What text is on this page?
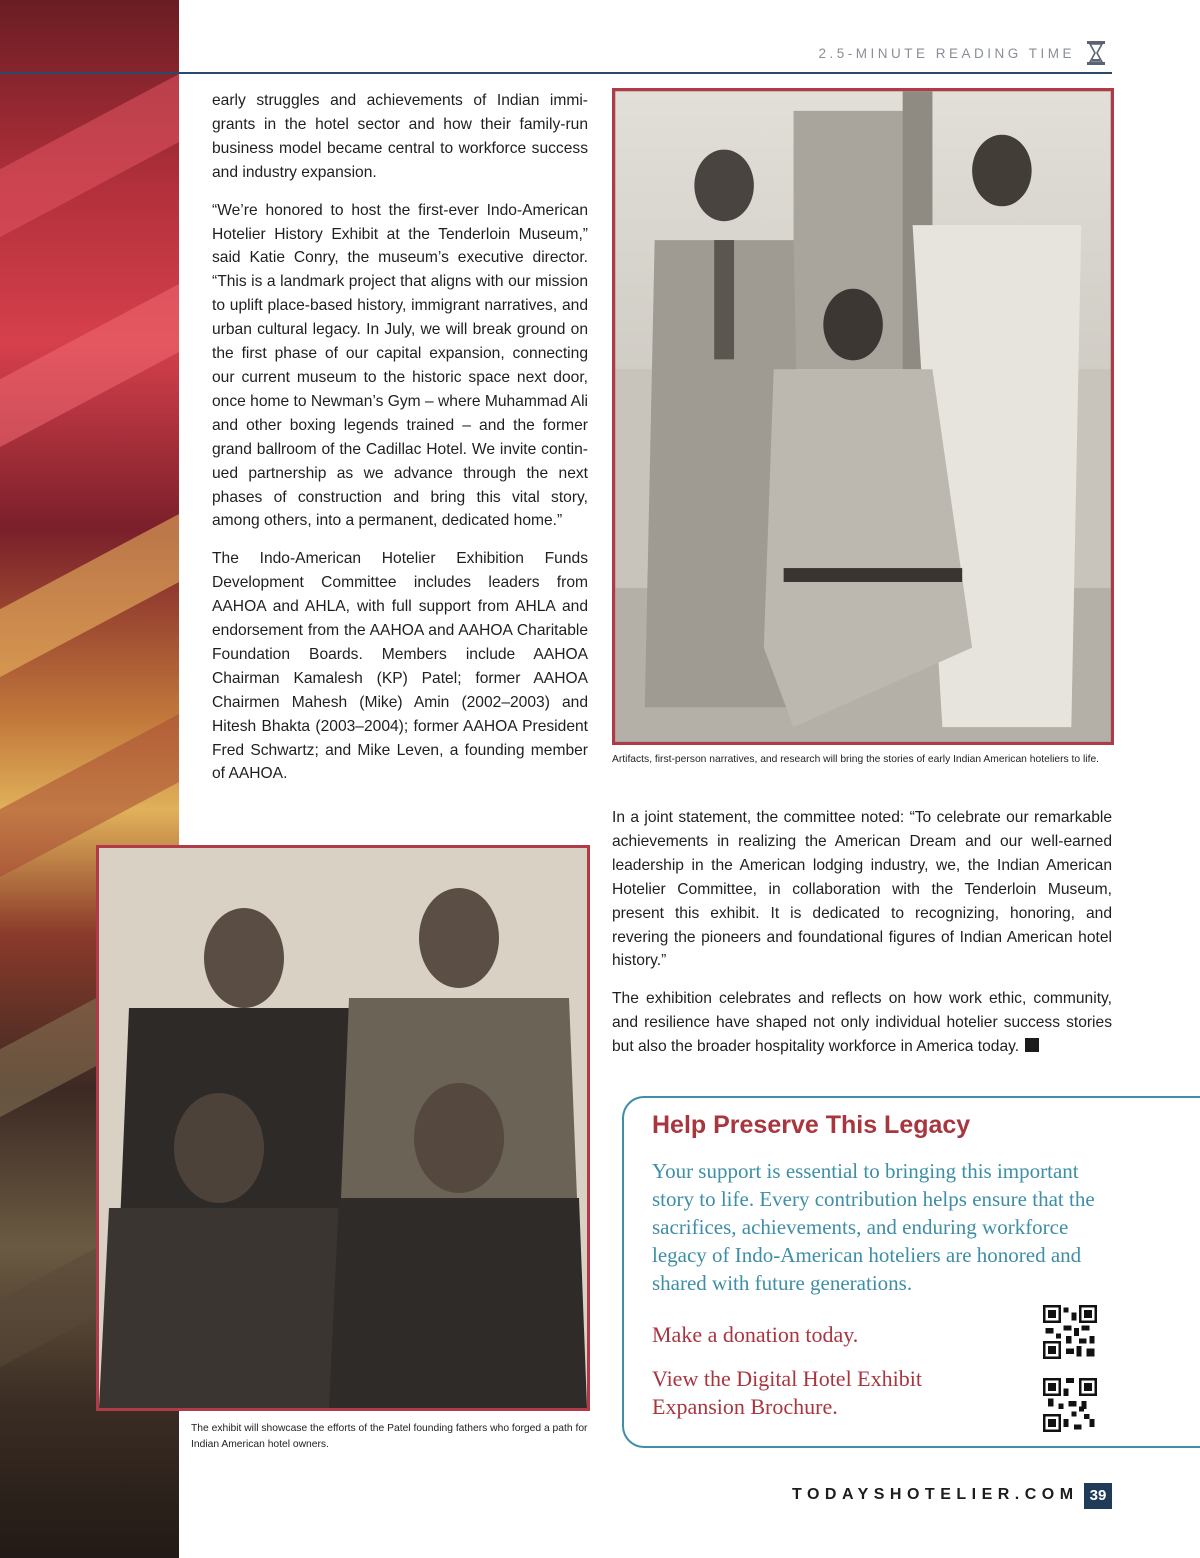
2.5-MINUTE READING TIME

early struggles and achievements of Indian immigrants in the hotel sector and how their family-run business model became central to workforce success and industry expansion.

“We’re honored to host the first-ever Indo-American Hotelier History Exhibit at the Tenderloin Museum,” said Katie Conry, the museum’s executive director. “This is a landmark project that aligns with our mission to uplift place-based history, immigrant narratives, and urban cultural legacy. In July, we will break ground on the first phase of our capital expansion, connecting our current museum to the historic space next door, once home to Newman’s Gym – where Muhammad Ali and other boxing legends trained – and the former grand ballroom of the Cadillac Hotel. We invite continued partnership as we advance through the next phases of construction and bring this vital story, among others, into a permanent, dedicated home.”

The Indo-American Hotelier Exhibition Funds Development Committee includes leaders from AAHOA and AHLA, with full support from AHLA and endorsement from the AAHOA and AAHOA Charitable Foundation Boards. Members include AAHOA Chairman Kamalesh (KP) Patel; former AAHOA Chairmen Mahesh (Mike) Amin (2002–2003) and Hitesh Bhakta (2003–2004); former AAHOA President Fred Schwartz; and Mike Leven, a founding member of AAHOA.

Artifacts, first-person narratives, and research will bring the stories of early Indian American hoteliers to life.

In a joint statement, the committee noted: “To celebrate our remarkable achievements in realizing the American Dream and our well-earned leadership in the American lodging industry, we, the Indian American Hotelier Committee, in collaboration with the Tenderloin Museum, present this exhibit. It is dedicated to recognizing, honoring, and revering the pioneers and foundational figures of Indian American hotel history.”

The exhibition celebrates and reflects on how work ethic, community, and resilience have shaped not only individual hotelier success stories but also the broader hospitality workforce in America today.

The exhibit will showcase the efforts of the Patel founding fathers who forged a path for Indian American hotel owners.
Help Preserve This Legacy
Your support is essential to bringing this important story to life. Every contribution helps ensure that the sacrifices, achievements, and enduring workforce legacy of Indo-American hoteliers are honored and shared with future generations.
Make a donation today.
View the Digital Hotel Exhibit Expansion Brochure.
TODAYSHOTELIER.COM 39
